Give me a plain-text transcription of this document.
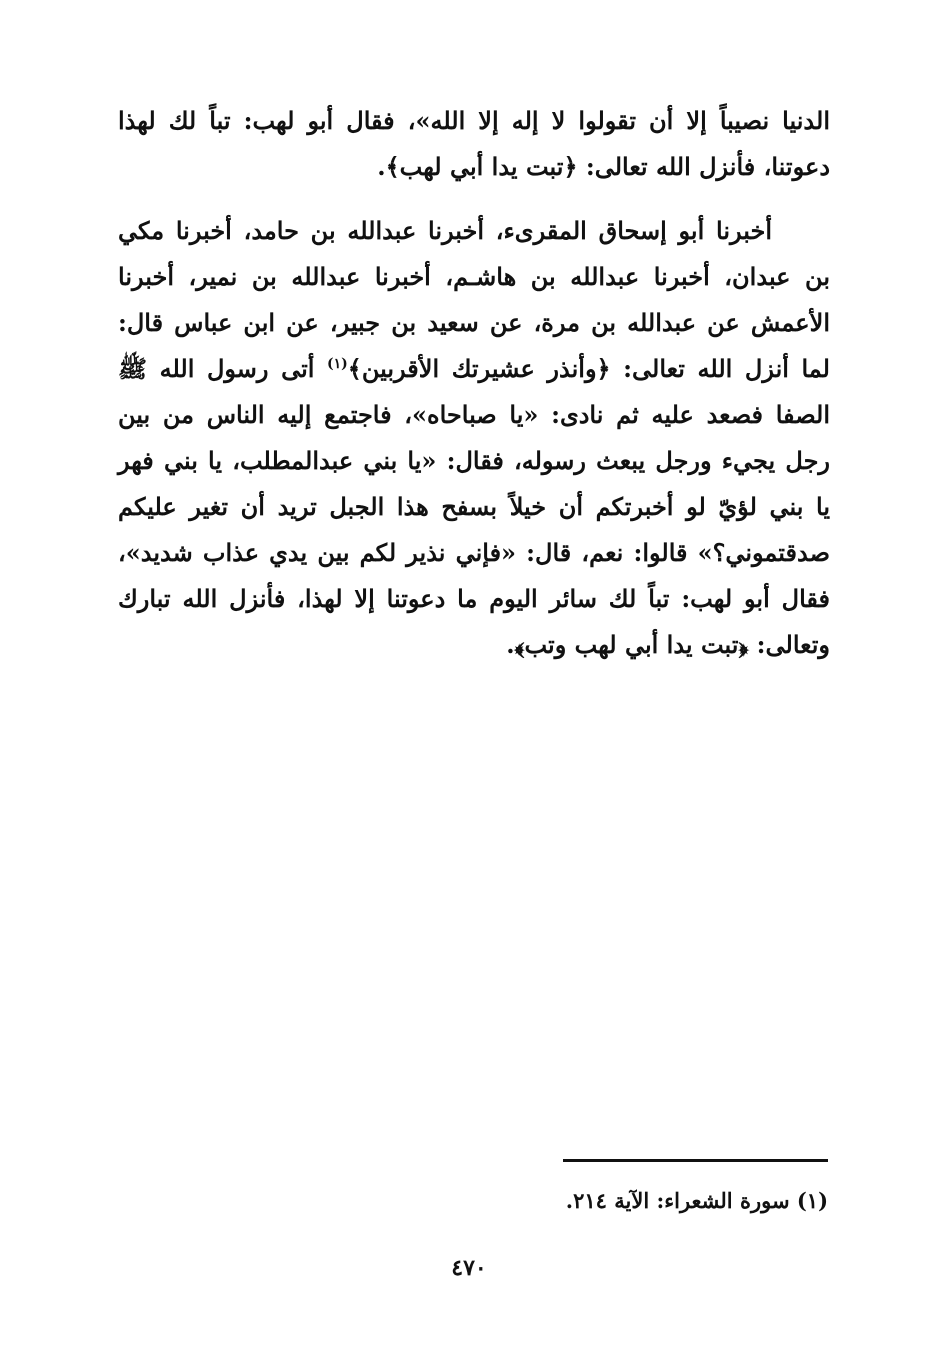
الدنيا نصيباً إلا أن تقولوا لا إله إلا الله»، فقال أبو لهب: تباً لك لهذا دعوتنا، فأنزل الله تعالى: ﴿تبت يدا أبي لهب﴾.

أخبرنا أبو إسحاق المقرىء، أخبرنا عبدالله بن حامد، أخبرنا مكي بن عبدان، أخبرنا عبدالله بن هاشـم، أخبرنا عبدالله بن نمير، أخبرنا الأعمش عن عبدالله بن مرة، عن سعيد بن جبير، عن ابن عباس قال: لما أنزل الله تعالى: ﴿وأنذر عشيرتك الأقربين﴾$^{(١)}$ أتى رسول الله ﷺ الصفا فصعد عليه ثم نادى: «يا صباحاه»، فاجتمع إليه الناس من بين رجل يجيء ورجل يبعث رسوله، فقال: «يا بني عبدالمطلب، يا بني فهر يا بني لؤيّ لو أخبرتكم أن خيلاً بسفح هذا الجبل تريد أن تغير عليكم صدقتموني؟» قالوا: نعم، قال: «فإني نذير لكم بين يدي عذاب شديد»، فقال أبو لهب: تباً لك سائر اليوم ما دعوتنا إلا لهذا، فأنزل الله تبارك وتعالى: ﴿تبت يدا أبي لهب وتب﴾.

(١) سورة الشعراء: الآية ٢١٤.
٤٧٠
